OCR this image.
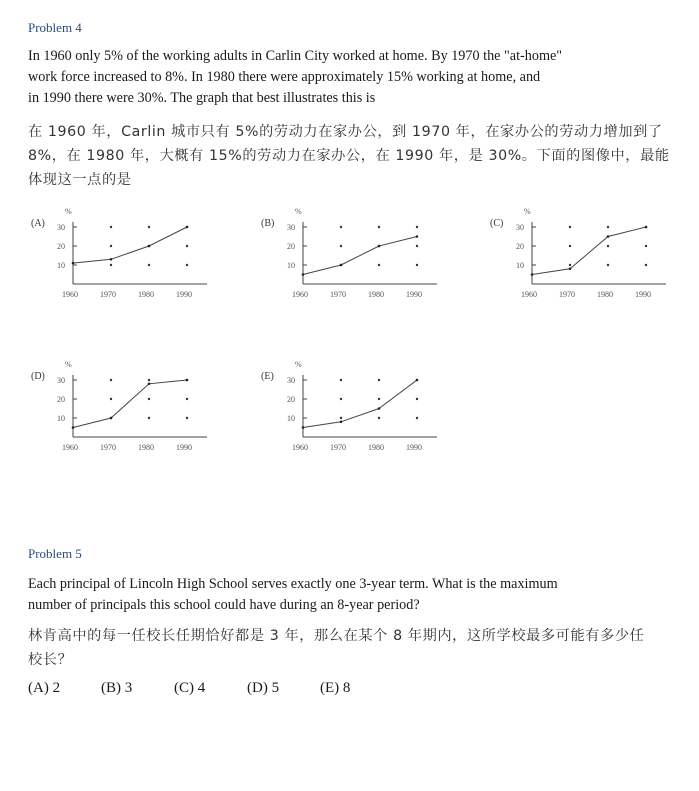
Problem 4
In 1960 only 5% of the working adults in Carlin City worked at home. By 1970 the "at-home"
work force increased to 8%. In 1980 there were approximately 15% working at home, and
in 1990 there were 30%. The graph that best illustrates this is
在 1960 年，Carlin 城市只有 5%的劳动力在家办公，到 1970 年，在家办公的劳动力增加到了
8%，在 1980 年，大概有 15%的劳动力在家办公，在 1990 年，是 30%。下面的图像中，最能
体现这一点的是
(A)
%
10
20
30
1960	1970	1980	1990
(B)
%
10
20
30
1960	1970	1980	1990
(C)
%
10
20
30
1960	1970	1980	1990
(D)
%
10
20
30
1960	1970	1980	1990
(E)
%
10
20
30
1960	1970	1980	1990
Problem 5
Each principal of Lincoln High School serves exactly one 3-year term. What is the maximum
number of principals this school could have during an 8-year period?
林肯高中的每一任校长任期恰好都是 3 年，那么在某个 8 年期内，这所学校最多可能有多少任
校长？
(A) 2	(B) 3	(C) 4	(D) 5	(E) 8
